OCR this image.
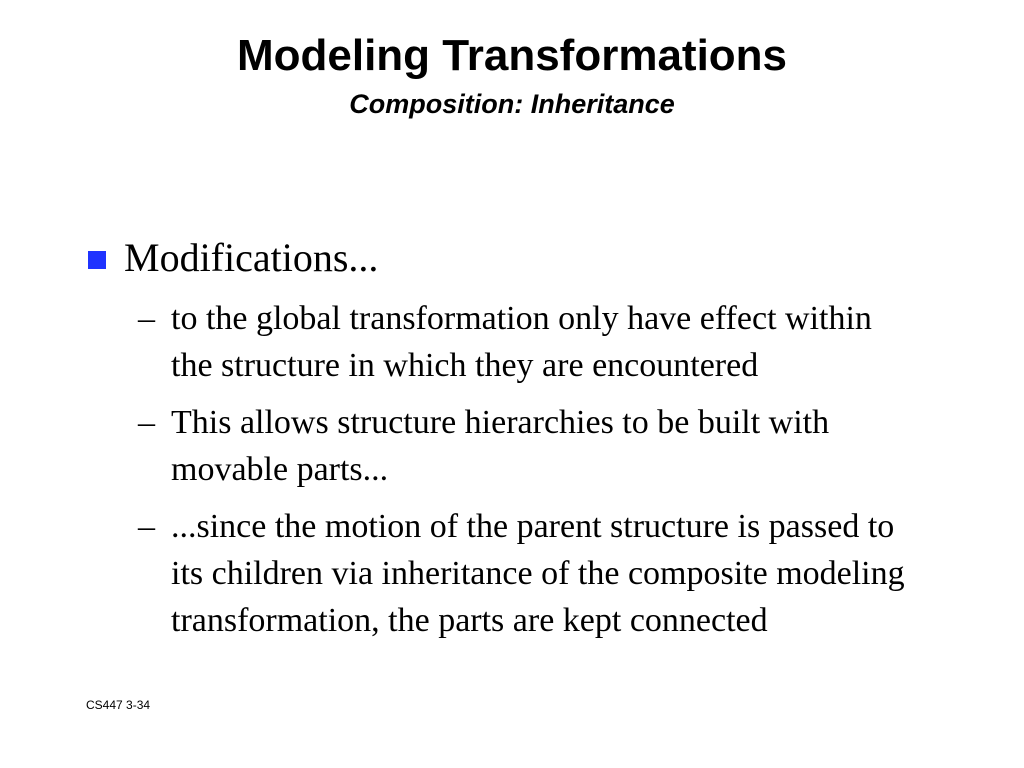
Modeling Transformations
Composition: Inheritance
Modifications...
– to the global transformation only have effect within the structure in which they are encountered
– This allows structure hierarchies to be built with movable parts...
– ...since the motion of the parent structure is passed to its children via inheritance of the composite modeling transformation, the parts are kept connected
CS447 3-34
